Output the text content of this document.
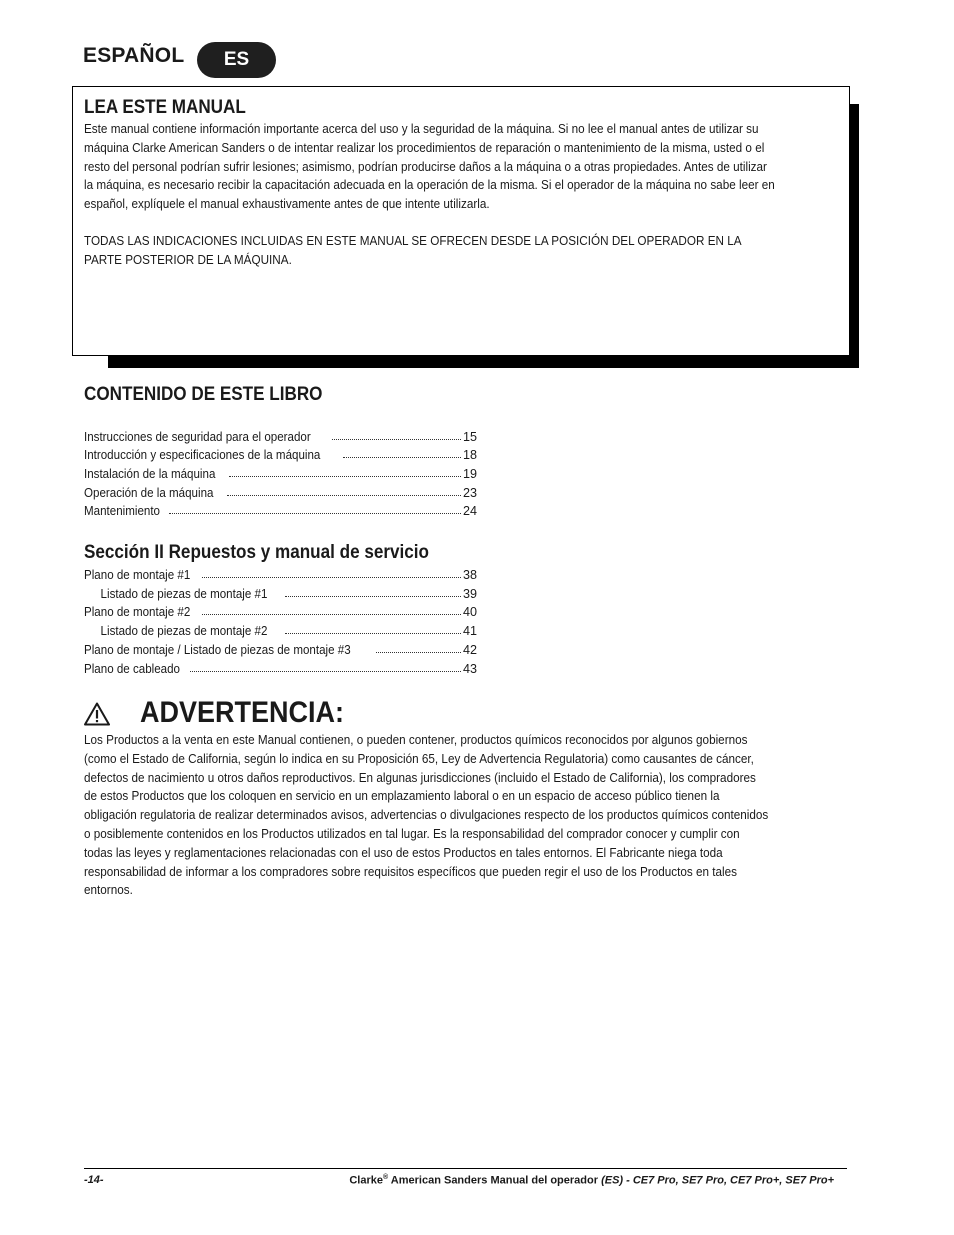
ESPAÑOL	ES
LEA ESTE MANUAL
Este manual contiene información importante acerca del uso y la seguridad de la máquina. Si no lee el manual antes de utilizar su
máquina Clarke American Sanders o de intentar realizar los procedimientos de reparación o mantenimiento de la misma, usted o el
resto del personal podrían sufrir lesiones; asimismo, podrían producirse daños a la máquina o a otras propiedades. Antes de utilizar
la máquina, es necesario recibir la capacitación adecuada en la operación de la misma. Si el operador de la máquina no sabe leer en
español, explíquele el manual exhaustivamente antes de que intente utilizarla.
TODAS LAS INDICACIONES INCLUIDAS EN ESTE MANUAL SE OFRECEN DESDE LA POSICIÓN DEL OPERADOR EN LA
PARTE POSTERIOR DE LA MÁQUINA.
CONTENIDO DE ESTE LIBRO
Instrucciones de seguridad para el operador	15
Introducción y especificaciones de la máquina	18
Instalación de la máquina	19
Operación de la máquina	23
Mantenimiento	24
Sección II Repuestos y manual de servicio
Plano de montaje #1	38
Listado de piezas de montaje #1	39
Plano de montaje #2	40
Listado de piezas de montaje #2	41
Plano de montaje / Listado de piezas de montaje #3	42
Plano de cableado	43
ADVERTENCIA:
Los Productos a la venta en este Manual contienen, o pueden contener, productos químicos reconocidos por algunos gobiernos
(como el Estado de California, según lo indica en su Proposición 65, Ley de Advertencia Regulatoria) como causantes de cáncer,
defectos de nacimiento u otros daños reproductivos. En algunas jurisdicciones (incluido el Estado de California), los compradores
de estos Productos que los coloquen en servicio en un emplazamiento laboral o en un espacio de acceso público tienen la
obligación regulatoria de realizar determinados avisos, advertencias o divulgaciones respecto de los productos químicos contenidos
o posiblemente contenidos en los Productos utilizados en tal lugar. Es la responsabilidad del comprador conocer y cumplir con
todas las leyes y reglamentaciones relacionadas con el uso de estos Productos en tales entornos. El Fabricante niega toda
responsabilidad de informar a los compradores sobre requisitos específicos que pueden regir el uso de los Productos en tales
entornos.
-14-	Clarke® American Sanders Manual del operador (ES) - CE7 Pro, SE7 Pro, CE7 Pro+, SE7 Pro+
